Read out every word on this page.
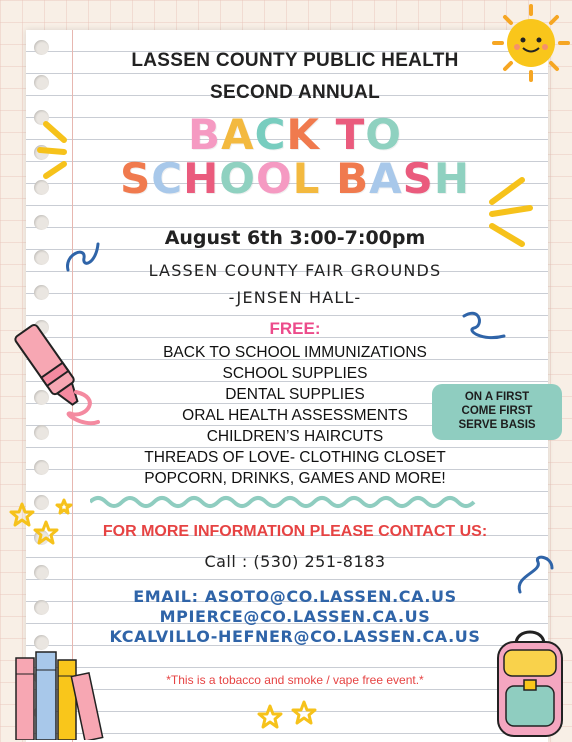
LASSEN COUNTY PUBLIC HEALTH

SECOND ANNUAL

BACK TO

SCHOOL BASH

August 6th 3:00-7:00pm

LASSEN COUNTY FAIR GROUNDS

-JENSEN HALL-

FREE:

BACK TO SCHOOL IMMUNIZATIONS

SCHOOL SUPPLIES

DENTAL SUPPLIES

ORAL HEALTH ASSESSMENTS

CHILDREN’S HAIRCUTS

THREADS OF LOVE- CLOTHING CLOSET

POPCORN, DRINKS, GAMES AND MORE!

FOR MORE INFORMATION PLEASE CONTACT US:

Call : (530) 251-8183

EMAIL: ASOTO@CO.LASSEN.CA.US

MPIERCE@CO.LASSEN.CA.US

KCALVILLO-HEFNER@CO.LASSEN.CA.US

*This is a tobacco and smoke / vape free event.*

ON A FIRST
COME FIRST
SERVE BASIS
